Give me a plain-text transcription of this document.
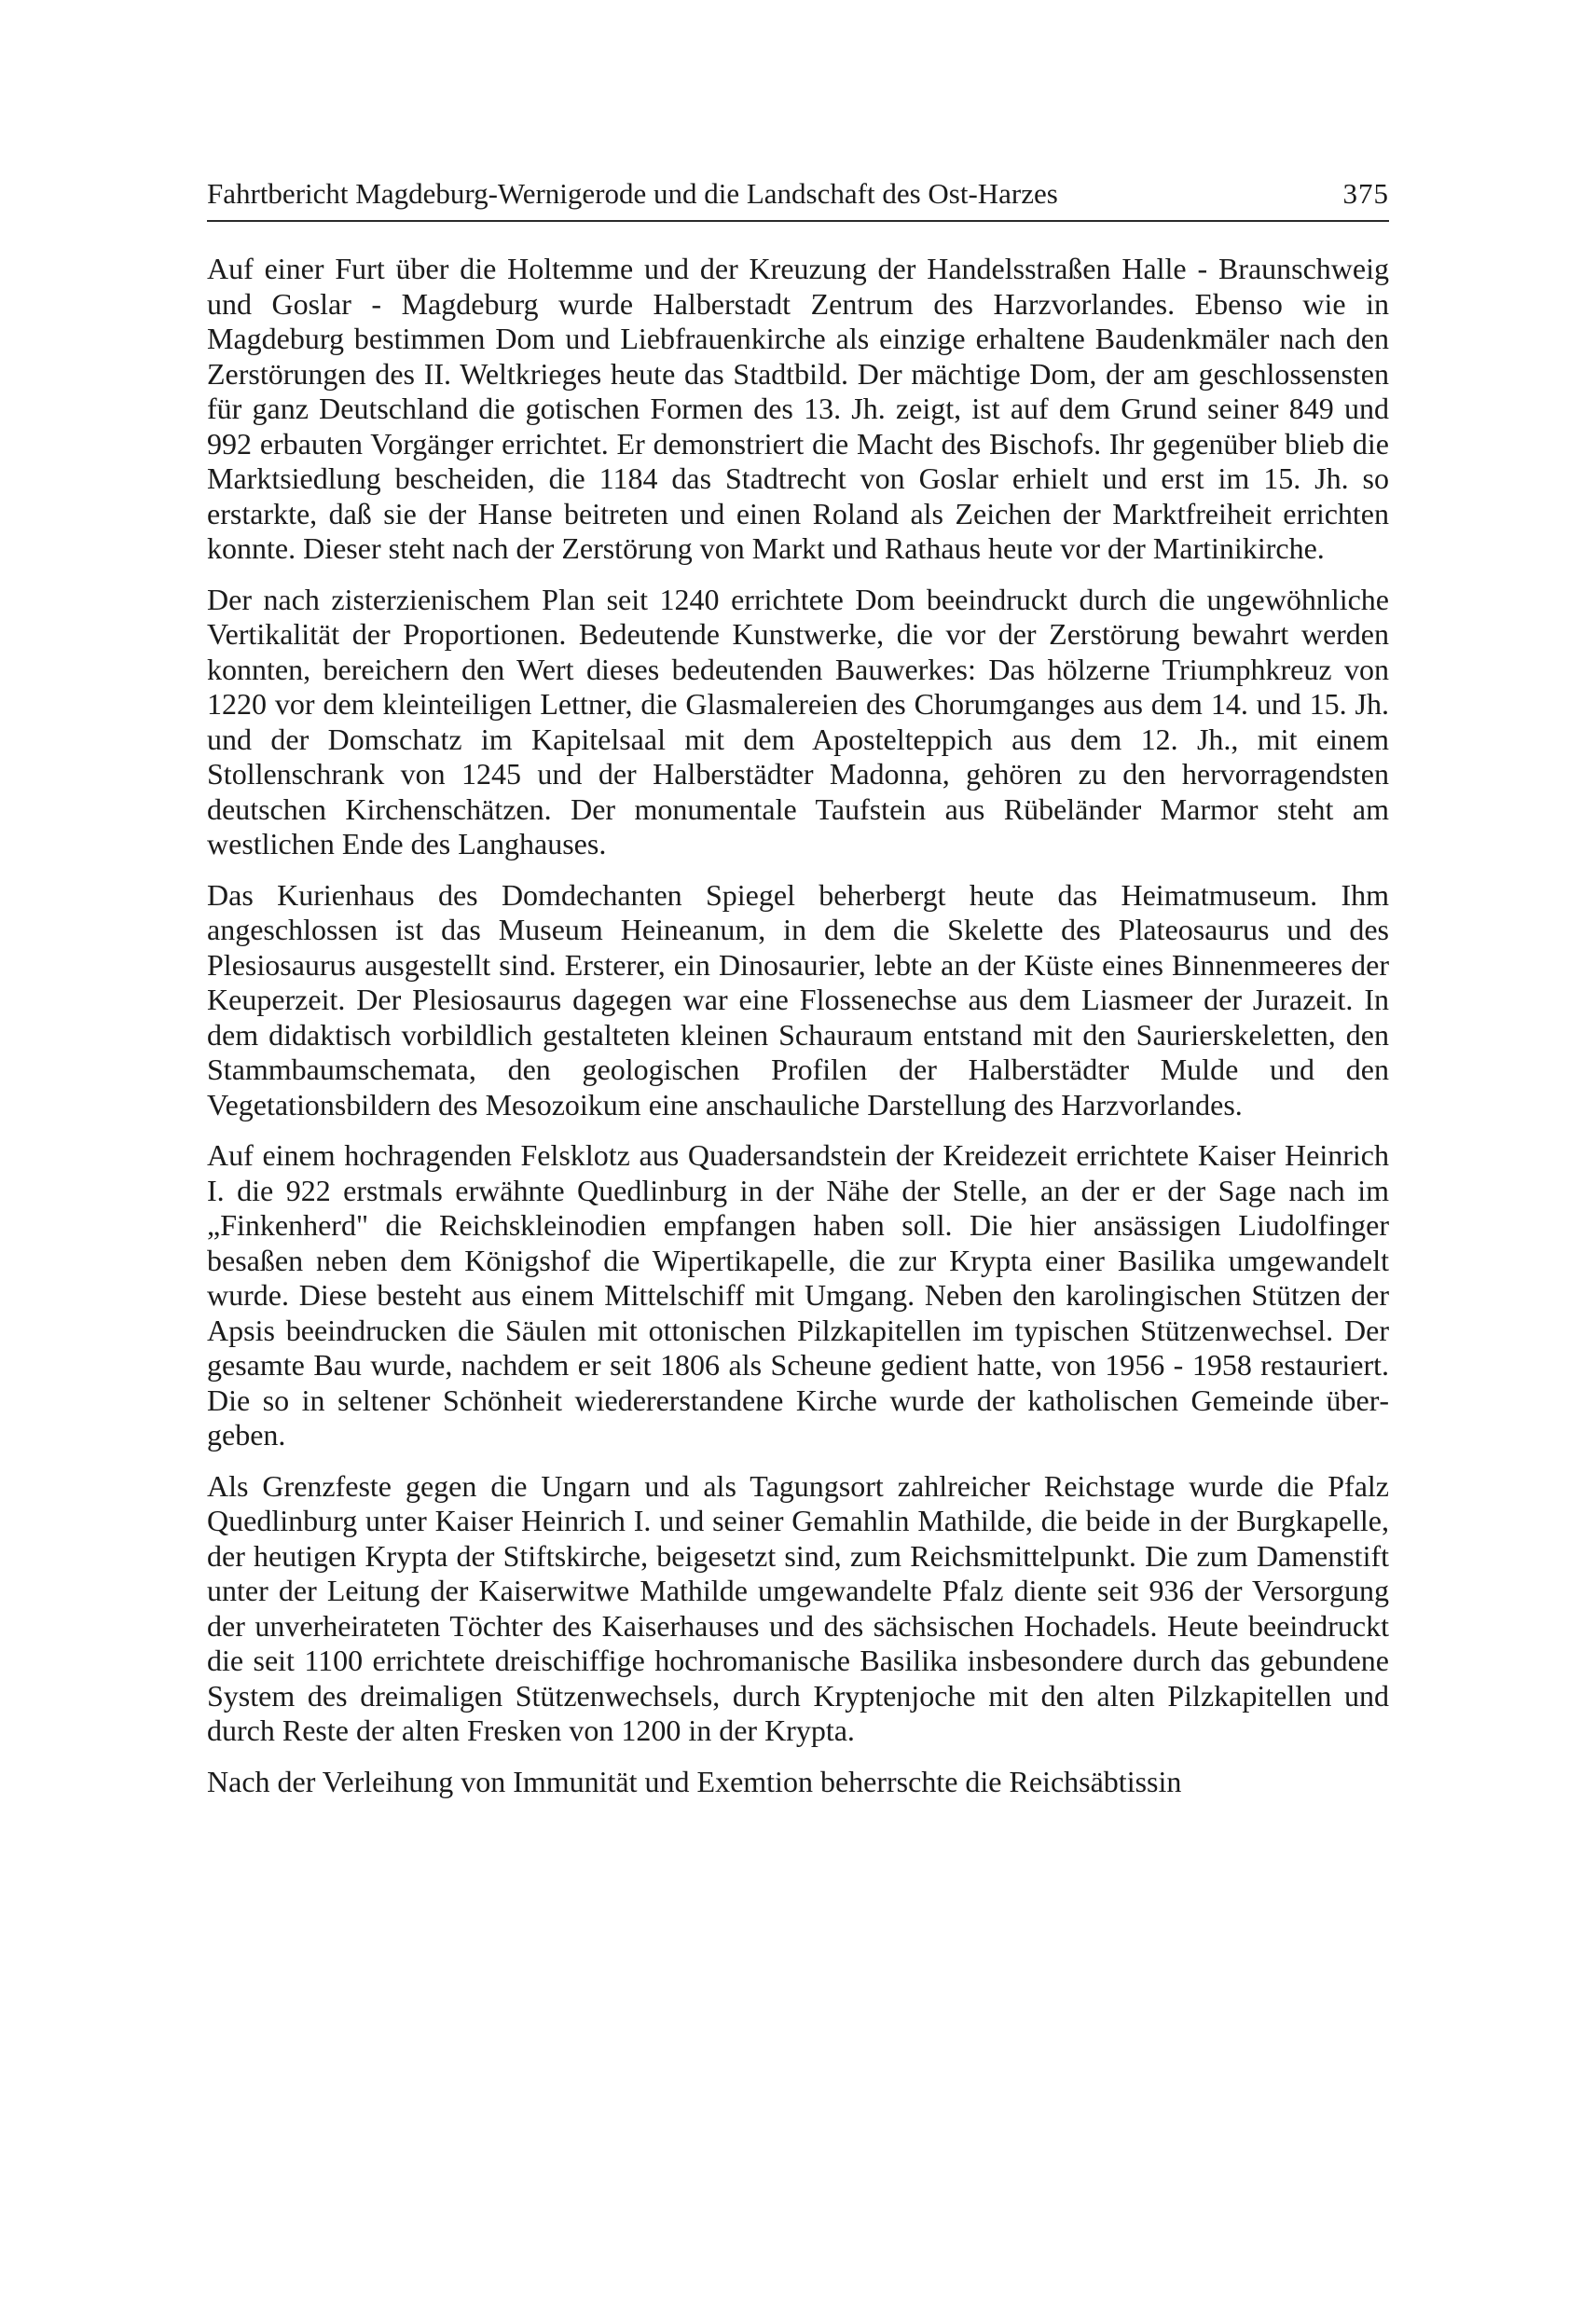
Fahrtbericht Magdeburg-Wernigerode und die Landschaft des Ost-Harzes	375

Auf einer Furt über die Holtemme und der Kreuzung der Handelsstraßen Halle - Braunschweig und Goslar - Magdeburg wurde Halberstadt Zentrum des Harzvorlandes. Ebenso wie in Magdeburg bestimmen Dom und Liebfrauenkirche als einzige erhaltene Baudenkmäler nach den Zerstörungen des II. Weltkrieges heute das Stadtbild. Der mächtige Dom, der am geschlossensten für ganz Deutschland die gotischen Formen des 13. Jh. zeigt, ist auf dem Grund seiner 849 und 992 erbauten Vorgänger errichtet. Er demonstriert die Macht des Bischofs. Ihr gegenüber blieb die Marktsiedlung bescheiden, die 1184 das Stadtrecht von Goslar erhielt und erst im 15. Jh. so erstarkte, daß sie der Hanse beitreten und einen Roland als Zeichen der Marktfreiheit errichten konnte. Dieser steht nach der Zerstörung von Markt und Rathaus heute vor der Martinikirche.

Der nach zisterzienischem Plan seit 1240 errichtete Dom beeindruckt durch die ungewöhnliche Vertikalität der Proportionen. Bedeutende Kunstwerke, die vor der Zerstörung bewahrt werden konnten, bereichern den Wert dieses bedeutenden Bauwerkes: Das hölzerne Triumphkreuz von 1220 vor dem kleinteiligen Lettner, die Glasmalereien des Chorumganges aus dem 14. und 15. Jh. und der Domschatz im Kapitelsaal mit dem Apostelteppich aus dem 12. Jh., mit einem Stollenschrank von 1245 und der Halberstädter Madonna, gehören zu den hervorragendsten deutschen Kirchenschätzen. Der monumentale Taufstein aus Rübeländer Marmor steht am westlichen Ende des Langhauses.

Das Kurienhaus des Domdechanten Spiegel beherbergt heute das Heimatmuseum. Ihm angeschlossen ist das Museum Heineanum, in dem die Skelette des Plateosaurus und des Plesiosaurus ausgestellt sind. Ersterer, ein Dinosaurier, lebte an der Küste eines Binnenmeeres der Keuperzeit. Der Plesiosaurus dagegen war eine Flossenechse aus dem Liasmeer der Jurazeit. In dem didaktisch vorbildlich gestalteten kleinen Schauraum entstand mit den Saurierskeletten, den Stammbaumschemata, den geologischen Profilen der Halberstädter Mulde und den Vegetationsbildern des Mesozoikum eine anschauliche Darstellung des Harzvorlandes.

Auf einem hochragenden Felsklotz aus Quadersandstein der Kreidezeit errichtete Kaiser Heinrich I. die 922 erstmals erwähnte Quedlinburg in der Nähe der Stelle, an der er der Sage nach im „Finkenherd" die Reichskleinodien empfangen haben soll. Die hier ansässigen Liudolfinger besaßen neben dem Königshof die Wipertikapelle, die zur Krypta einer Basilika umgewandelt wurde. Diese besteht aus einem Mittelschiff mit Umgang. Neben den karolingischen Stützen der Apsis beeindrucken die Säulen mit ottonischen Pilzkapitellen im typischen Stützenwechsel. Der gesamte Bau wurde, nachdem er seit 1806 als Scheune gedient hatte, von 1956 - 1958 restauriert. Die so in seltener Schönheit wiedererstandene Kirche wurde der katholischen Gemeinde übergeben.

Als Grenzfeste gegen die Ungarn und als Tagungsort zahlreicher Reichstage wurde die Pfalz Quedlinburg unter Kaiser Heinrich I. und seiner Gemahlin Mathilde, die beide in der Burgkapelle, der heutigen Krypta der Stiftskirche, beigesetzt sind, zum Reichsmittelpunkt. Die zum Damenstift unter der Leitung der Kaiserwitwe Mathilde umgewandelte Pfalz diente seit 936 der Versorgung der unverheirateten Töchter des Kaiserhauses und des sächsischen Hochadels. Heute beeindruckt die seit 1100 errichtete dreischiffige hochromanische Basilika insbesondere durch das gebundene System des dreimaligen Stützenwechsels, durch Kryptenjoche mit den alten Pilzkapitellen und durch Reste der alten Fresken von 1200 in der Krypta.

Nach der Verleihung von Immunität und Exemtion beherrschte die Reichsäbtissin
